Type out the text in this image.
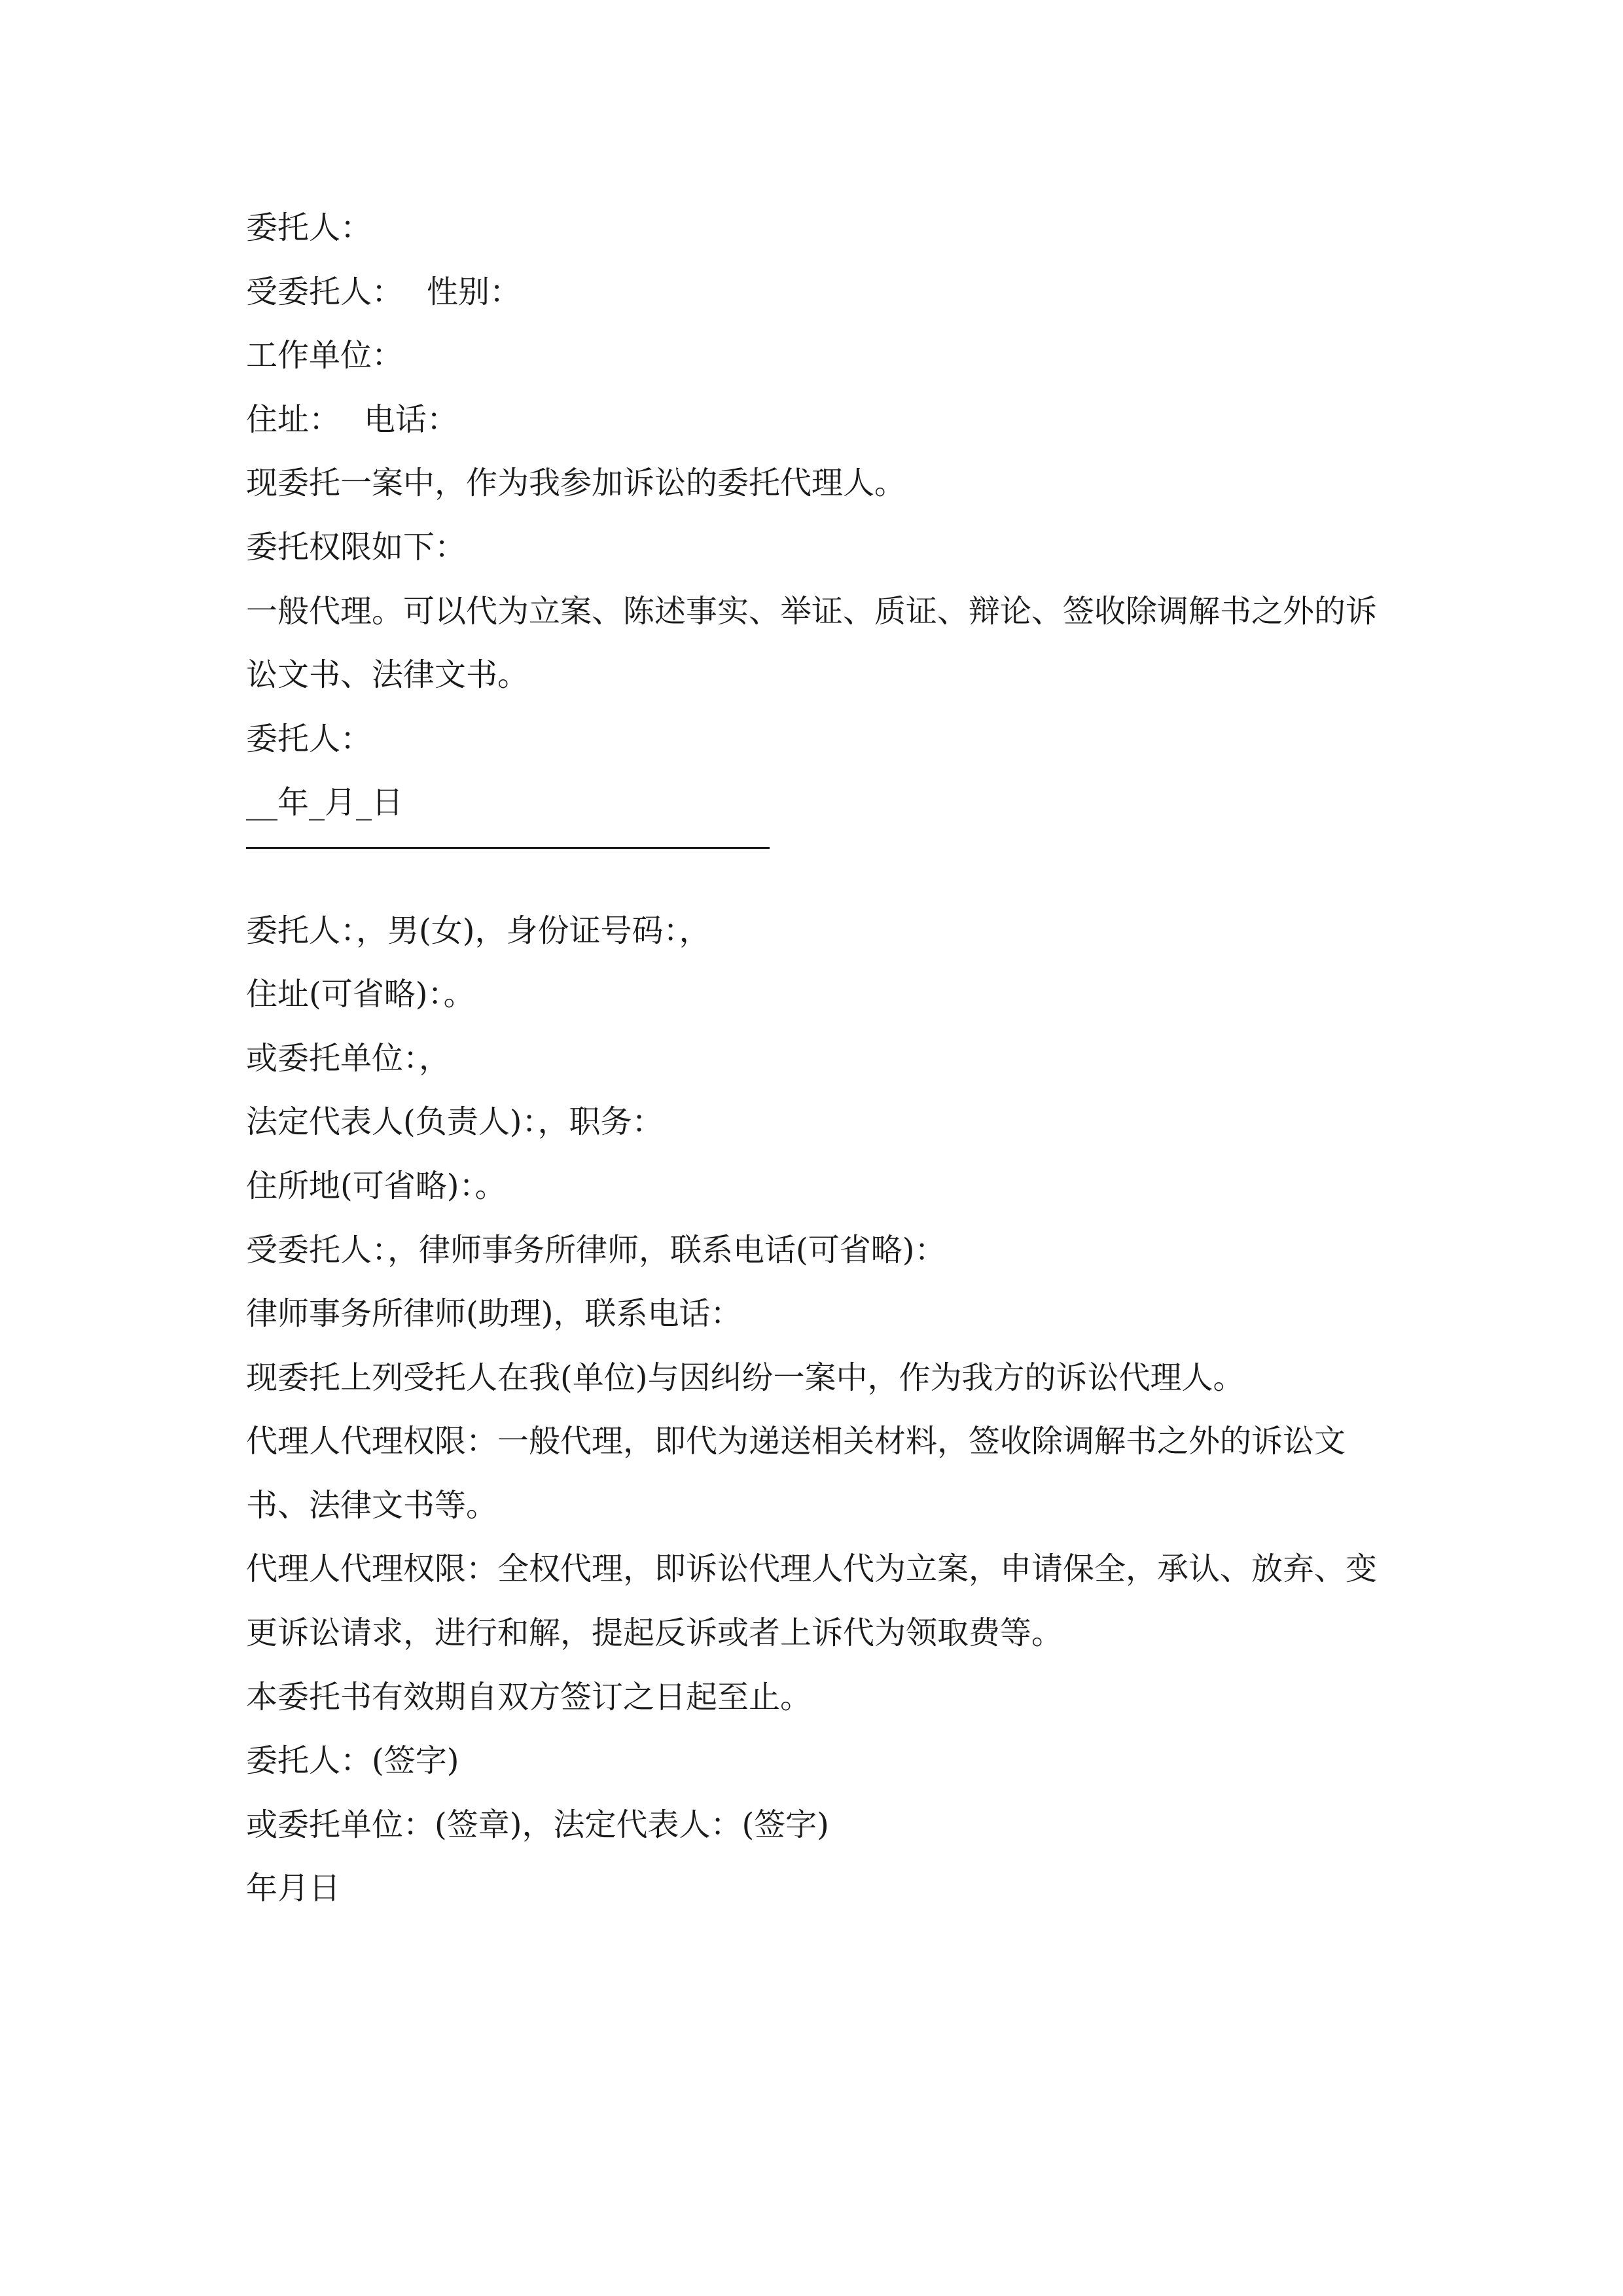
委托人：
受委托人： 性别：
工作单位：
住址： 电话：
现委托一案中，作为我参加诉讼的委托代理人。
委托权限如下：
一般代理。可以代为立案、陈述事实、举证、质证、辩论、签收除调解书之外的诉讼文书、法律文书。
委托人：
__年_月_日
委托人：，男(女)，身份证号码：，
住址(可省略)：。
或委托单位：，
法定代表人(负责人)：，职务：
住所地(可省略)：。
受委托人：，律师事务所律师，联系电话(可省略)：
律师事务所律师(助理)，联系电话：
现委托上列受托人在我(单位)与因纠纷一案中，作为我方的诉讼代理人。
代理人代理权限：一般代理，即代为递送相关材料，签收除调解书之外的诉讼文书、法律文书等。
代理人代理权限：全权代理，即诉讼代理人代为立案，申请保全，承认、放弃、变更诉讼请求，进行和解，提起反诉或者上诉代为领取费等。
本委托书有效期自双方签订之日起至止。
委托人：(签字)
或委托单位：(签章)，法定代表人：(签字)
年月日
